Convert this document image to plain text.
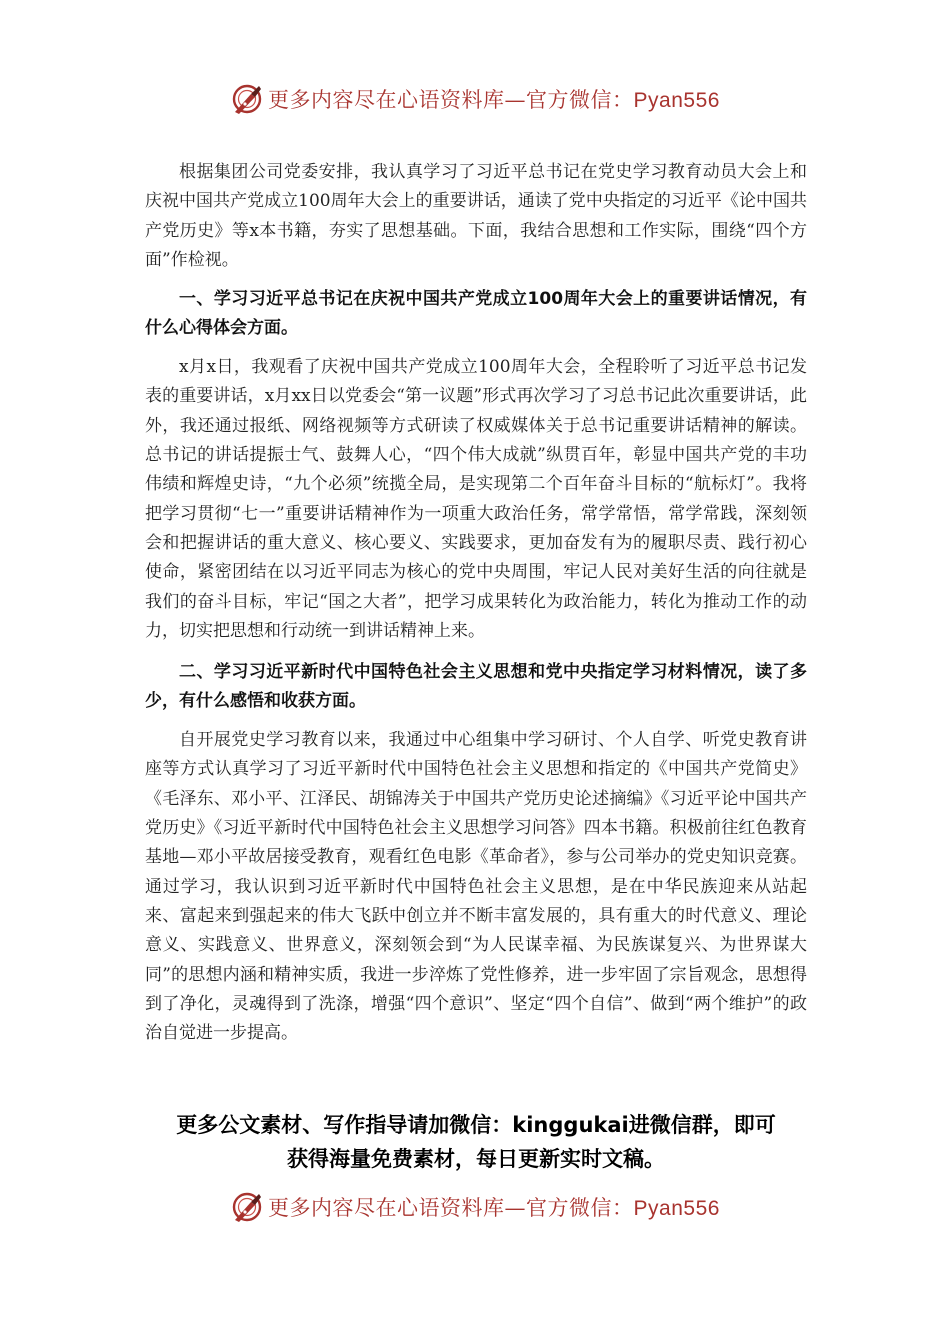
更多内容尽在心语资料库—官方微信：Pyan556

根据集团公司党委安排，我认真学习了习近平总书记在党史学习教育动员大会上和庆祝中国共产党成立100周年大会上的重要讲话，通读了党中央指定的习近平《论中国共产党历史》等x本书籍，夯实了思想基础。下面，我结合思想和工作实际，围绕“四个方面”作检视。

一、学习习近平总书记在庆祝中国共产党成立100周年大会上的重要讲话情况，有什么心得体会方面。

x月x日，我观看了庆祝中国共产党成立100周年大会，全程聆听了习近平总书记发表的重要讲话，x月xx日以党委会“第一议题”形式再次学习了习总书记此次重要讲话，此外，我还通过报纸、网络视频等方式研读了权威媒体关于总书记重要讲话精神的解读。总书记的讲话提振士气、鼓舞人心，“四个伟大成就”纵贯百年，彰显中国共产党的丰功伟绩和辉煌史诗，“九个必须”统揽全局，是实现第二个百年奋斗目标的“航标灯”。我将把学习贯彻“七一”重要讲话精神作为一项重大政治任务，常学常悟，常学常践，深刻领会和把握讲话的重大意义、核心要义、实践要求，更加奋发有为的履职尽责、践行初心使命，紧密团结在以习近平同志为核心的党中央周围，牢记人民对美好生活的向往就是我们的奋斗目标，牢记“国之大者”，把学习成果转化为政治能力，转化为推动工作的动力，切实把思想和行动统一到讲话精神上来。

二、学习习近平新时代中国特色社会主义思想和党中央指定学习材料情况，读了多少，有什么感悟和收获方面。

自开展党史学习教育以来，我通过中心组集中学习研讨、个人自学、听党史教育讲座等方式认真学习了习近平新时代中国特色社会主义思想和指定的《中国共产党简史》《毛泽东、邓小平、江泽民、胡锦涛关于中国共产党历史论述摘编》《习近平论中国共产党历史》《习近平新时代中国特色社会主义思想学习问答》四本书籍。积极前往红色教育基地—邓小平故居接受教育，观看红色电影《革命者》，参与公司举办的党史知识竞赛。通过学习，我认识到习近平新时代中国特色社会主义思想，是在中华民族迎来从站起来、富起来到强起来的伟大飞跃中创立并不断丰富发展的，具有重大的时代意义、理论意义、实践意义、世界意义，深刻领会到“为人民谋幸福、为民族谋复兴、为世界谋大同”的思想内涵和精神实质，我进一步淬炼了党性修养，进一步牢固了宗旨观念，思想得到了净化，灵魂得到了洗涤，增强“四个意识”、坚定“四个自信”、做到“两个维护”的政治自觉进一步提高。

更多公文素材、写作指导请加微信：kinggukai进微信群，即可
获得海量免费素材，每日更新实时文稿。
更多内容尽在心语资料库—官方微信：Pyan556
